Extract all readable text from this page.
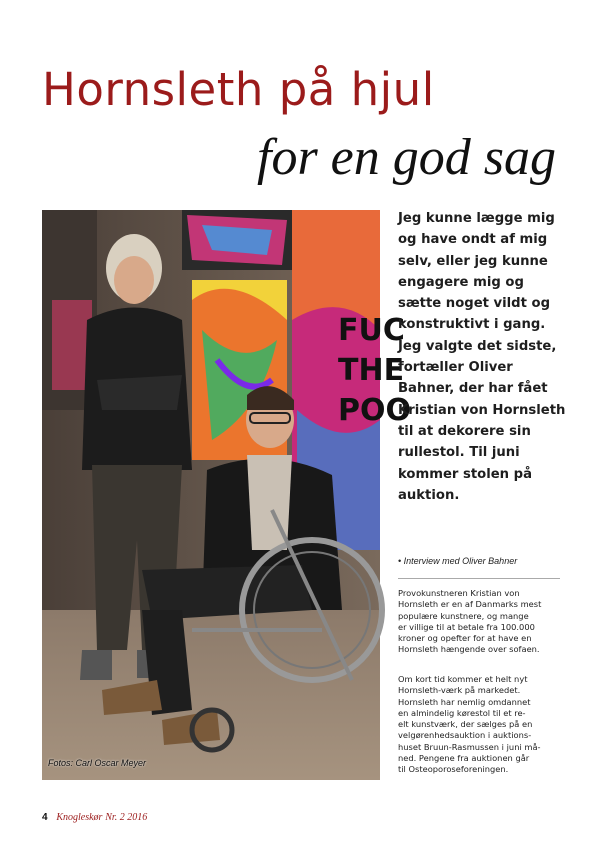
Hornsleth på hjul
for en god sag
FUC
THE
POO
Fotos: Carl Oscar Meyer
Jeg kunne lægge mig
og have ondt af mig
selv, eller jeg kunne
engagere mig og
sætte noget vildt og
konstruktivt i gang.
Jeg valgte det sidste,
fortæller Oliver
Bahner, der har fået
Kristian von Hornsleth
til at dekorere sin
rullestol. Til juni
kommer stolen på
auktion.
• Interview med Oliver Bahner
Provokunstneren Kristian von
Hornsleth er en af Danmarks mest
populære kunstnere, og mange
er villige til at betale fra 100.000
kroner og opefter for at have en
Hornsleth hængende over sofaen.
Om kort tid kommer et helt nyt
Hornsleth-værk på markedet.
Hornsleth har nemlig omdannet
en almindelig kørestol til et re-
elt kunstværk, der sælges på en
velgørenhedsauktion i auktions-
huset Bruun-Rasmussen i juni må-
ned. Pengene fra auktionen går
til Osteoporoseforeningen.
4 Knogleskør Nr. 2 2016
